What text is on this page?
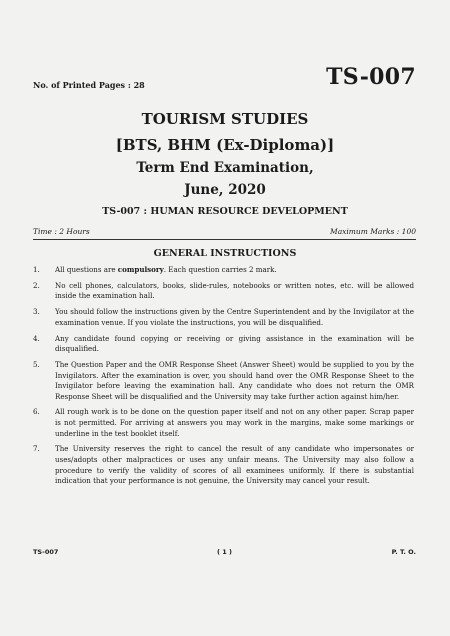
No. of Printed Pages : 28	TS-007
TOURISM STUDIES
[BTS, BHM (Ex-Diploma)]
Term End Examination,
June, 2020
TS-007 : HUMAN RESOURCE DEVELOPMENT
Time : 2 Hours	Maximum Marks : 100
GENERAL INSTRUCTIONS
1. All questions are compulsory. Each question carries 2 mark.
2. No cell phones, calculators, books, slide-rules, notebooks or written notes, etc. will be allowed inside the examination hall.
3. You should follow the instructions given by the Centre Superintendent and by the Invigilator at the examination venue. If you violate the instructions, you will be disqualified.
4. Any candidate found copying or receiving or giving assistance in the examination will be disqualified.
5. The Question Paper and the OMR Response Sheet (Answer Sheet) would be supplied to you by the Invigilators. After the examination is over, you should hand over the OMR Response Sheet to the Invigilator before leaving the examination hall. Any candidate who does not return the OMR Response Sheet will be disqualified and the University may take further action against him/her.
6. All rough work is to be done on the question paper itself and not on any other paper. Scrap paper is not permitted. For arriving at answers you may work in the margins, make some markings or underline in the test booklet itself.
7. The University reserves the right to cancel the result of any candidate who impersonates or uses/adopts other malpractices or uses any unfair means. The University may also follow a procedure to verify the validity of scores of all examinees uniformly. If there is substantial indication that your performance is not genuine, the University may cancel your result.
TS-007	( 1 )	P. T. O.
